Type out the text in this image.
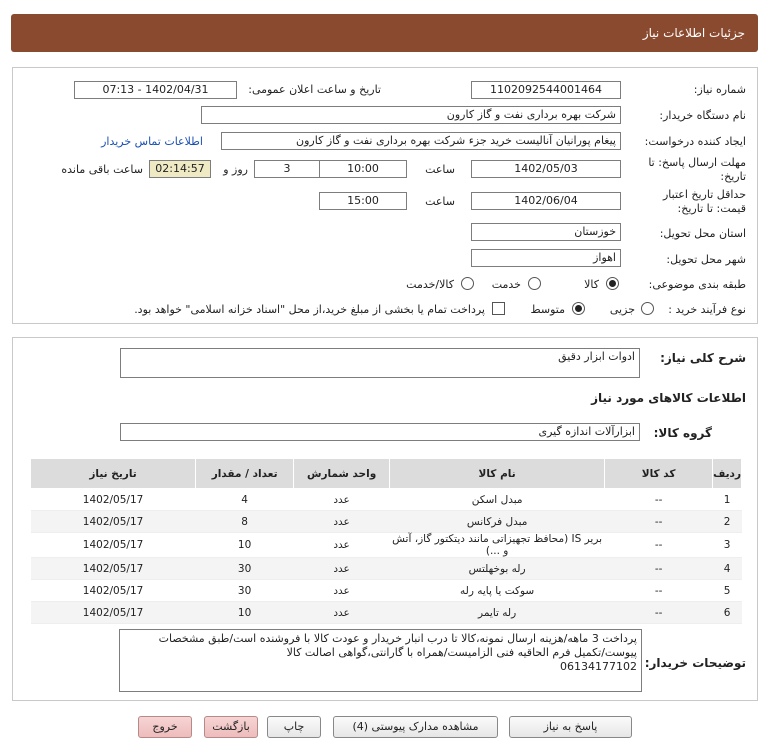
جزئیات اطلاعات نیاز
شماره نیاز:
1102092544001464
تاریخ و ساعت اعلان عمومی:
1402/04/31 - 07:13
نام دستگاه خریدار:
شرکت بهره برداری نفت و گاز کارون
ایجاد کننده درخواست:
پیغام پورانیان آنالیست خرید جزء شرکت بهره برداری نفت و گاز کارون
اطلاعات تماس خریدار
مهلت ارسال پاسخ: تا تاریخ:
1402/05/03
ساعت
10:00
3
روز و
02:14:57
ساعت باقی مانده
حداقل تاریخ اعتبار قیمت: تا تاریخ:
1402/06/04
ساعت
15:00
استان محل تحویل:
خوزستان
شهر محل تحویل:
اهواز
طبقه بندی موضوعی:
کالا
خدمت
کالا/خدمت
نوع فرآیند خرید :
جزیی
متوسط
پرداخت تمام یا بخشی از مبلغ خرید،از محل "اسناد خزانه اسلامی" خواهد بود.
شرح کلی نیاز:
ادوات ابزار دقیق
اطلاعات کالاهای مورد نیاز
گروه کالا:
ابزارآلات اندازه گیری
ردیف	کد کالا	نام کالا	واحد شمارش	تعداد / مقدار	تاریخ نیاز
1	--	مبدل اسکن	عدد	4	1402/05/17
2	--	مبدل فرکانس	عدد	8	1402/05/17
3	--	بریر IS (محافظ تجهیزاتی مانند دیتکتور گاز، آتش و ...)	عدد	10	1402/05/17
4	--	رله بوخهلتس	عدد	30	1402/05/17
5	--	سوکت یا پایه رله	عدد	30	1402/05/17
6	--	رله تایمر	عدد	10	1402/05/17
توضیحات خریدار:
پرداخت 3 ماهه/هزینه ارسال نمونه،کالا تا درب انبار خریدار و عودت کالا با فروشنده است/طبق مشخصات
پیوست/تکمیل فرم الحاقیه فنی الزامیست/همراه با گارانتی،گواهی اصالت کالا
06134177102
پاسخ به نیاز
مشاهده مدارک پیوستی (4)
چاپ
بازگشت
خروج
